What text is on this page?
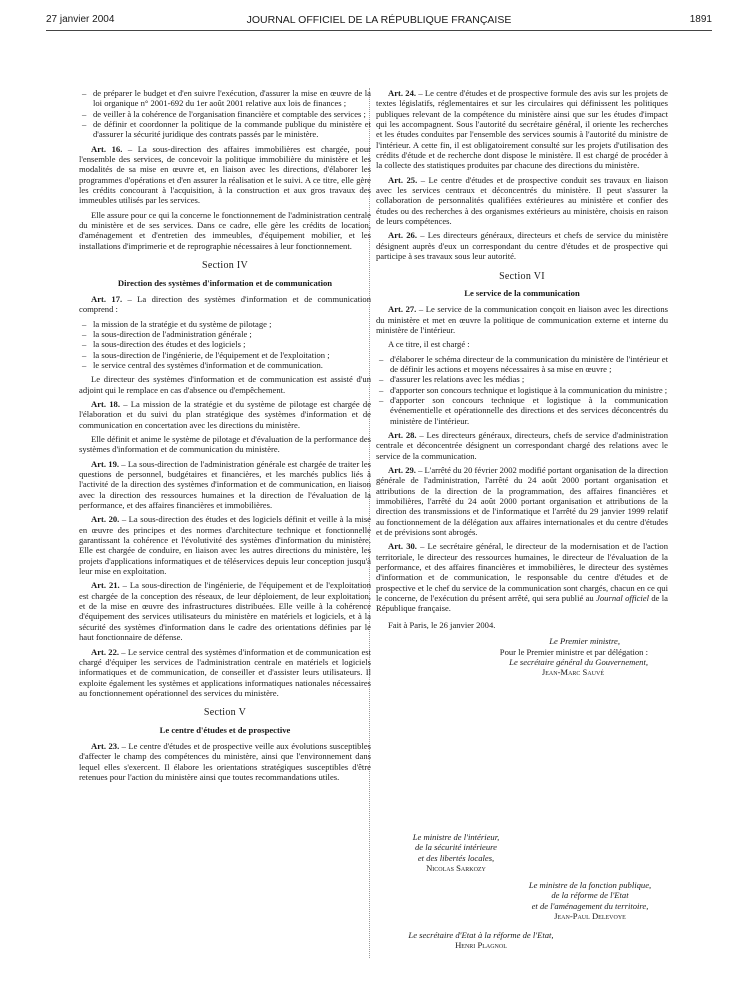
27 janvier 2004	JOURNAL OFFICIEL DE LA RÉPUBLIQUE FRANÇAISE	1891
– de préparer le budget et d'en suivre l'exécution, d'assurer la mise en œuvre de la loi organique n° 2001-692 du 1er août 2001 relative aux lois de finances ;
– de veiller à la cohérence de l'organisation financière et comptable des services ;
– de définir et coordonner la politique de la commande publique du ministère et d'assurer la sécurité juridique des contrats passés par le ministère.

Art. 16. – La sous-direction des affaires immobilières est chargée, pour l'ensemble des services, de concevoir la politique immobilière du ministère et les modalités de sa mise en œuvre et, en liaison avec les directions, d'élaborer les programmes d'opérations et d'en assurer la réalisation et le suivi. A ce titre, elle gère les crédits concourant à l'acquisition, à la construction et aux gros travaux des immeubles utilisés par les services.

Elle assure pour ce qui la concerne le fonctionnement de l'administration centrale du ministère et de ses services. Dans ce cadre, elle gère les crédits de location, d'aménagement et d'entretien des immeubles, d'équipement mobilier, et les installations d'imprimerie et de reprographie nécessaires à leur fonctionnement.

Section IV
Direction des systèmes d'information et de communication

Art. 17. – La direction des systèmes d'information et de communication comprend :

– la mission de la stratégie et du système de pilotage ;
– la sous-direction de l'administration générale ;
– la sous-direction des études et des logiciels ;
– la sous-direction de l'ingénierie, de l'équipement et de l'exploitation ;
– le service central des systèmes d'information et de communication.

Le directeur des systèmes d'information et de communication est assisté d'un adjoint qui le remplace en cas d'absence ou d'empêchement.

Art. 18. – La mission de la stratégie et du système de pilotage est chargée de l'élaboration et du suivi du plan stratégique des systèmes d'information et de communication en concertation avec les directions du ministère.

Elle définit et anime le système de pilotage et d'évaluation de la performance des systèmes d'information et de communication du ministère.

Art. 19. – La sous-direction de l'administration générale est chargée de traiter les questions de personnel, budgétaires et financières, et les marchés publics liés à l'activité de la direction des systèmes d'information et de communication, en liaison avec la direction des ressources humaines et la direction de l'évaluation de la performance, et des affaires financières et immobilières.

Art. 20. – La sous-direction des études et des logiciels définit et veille à la mise en œuvre des principes et des normes d'architecture technique et fonctionnelle garantissant la cohérence et l'évolutivité des systèmes d'information du ministère. Elle est chargée de conduire, en liaison avec les autres directions du ministère, les projets d'applications informatiques et de téléservices depuis leur conception jusqu'à leur mise en exploitation.

Art. 21. – La sous-direction de l'ingénierie, de l'équipement et de l'exploitation est chargée de la conception des réseaux, de leur déploiement, de leur exploitation, et de la mise en œuvre des infrastructures distribuées. Elle veille à la cohérence d'équipement des services utilisateurs du ministère en matériels et logiciels, et à la sécurité des systèmes d'information dans le cadre des orientations définies par le haut fonctionnaire de défense.

Art. 22. – Le service central des systèmes d'information et de communication est chargé d'équiper les services de l'administration centrale en matériels et logiciels informatiques et de communication, de conseiller et d'assister leurs utilisateurs. Il exploite également les systèmes et applications informatiques nationales nécessaires au fonctionnement opérationnel des services du ministère.

Section V
Le centre d'études et de prospective

Art. 23. – Le centre d'études et de prospective veille aux évolutions susceptibles d'affecter le champ des compétences du ministère, ainsi que l'environnement dans lequel elles s'exercent. Il élabore les orientations stratégiques susceptibles d'être retenues pour l'action du ministère ainsi que toutes recommandations utiles.

Art. 24. – Le centre d'études et de prospective formule des avis sur les projets de textes législatifs, réglementaires et sur les circulaires qui définissent les politiques publiques relevant de la compétence du ministère ainsi que sur les études d'impact qui les accompagnent. Sous l'autorité du secrétaire général, il oriente les recherches et les études conduites par l'ensemble des services soumis à l'autorité du ministre de l'intérieur. A cette fin, il est obligatoirement consulté sur les projets d'utilisation des crédits d'étude et de recherche dont dispose le ministère. Il est chargé de procéder à la collecte des statistiques produites par chacune des directions du ministère.

Art. 25. – Le centre d'études et de prospective conduit ses travaux en liaison avec les services centraux et déconcentrés du ministère. Il peut s'assurer la collaboration de personnalités qualifiées extérieures au ministère et confier des études ou des recherches à des organismes extérieurs au ministère, choisis en raison de leurs compétences.

Art. 26. – Les directeurs généraux, directeurs et chefs de service du ministère désignent auprès d'eux un correspondant du centre d'études et de prospective qui participe à ses travaux sous leur autorité.

Section VI
Le service de la communication

Art. 27. – Le service de la communication conçoit en liaison avec les directions du ministère et met en œuvre la politique de communication externe et interne du ministère de l'intérieur.

A ce titre, il est chargé :

– d'élaborer le schéma directeur de la communication du ministère de l'intérieur et de définir les actions et moyens nécessaires à sa mise en œuvre ;
– d'assurer les relations avec les médias ;
– d'apporter son concours technique et logistique à la communication du ministre ;
– d'apporter son concours technique et logistique à la communication événementielle et opérationnelle des directions et des services déconcentrés du ministère de l'intérieur.

Art. 28. – Les directeurs généraux, directeurs, chefs de service d'administration centrale et déconcentrée désignent un correspondant chargé des relations avec le service de la communication.

Art. 29. – L'arrêté du 20 février 2002 modifié portant organisation de la direction générale de l'administration, l'arrêté du 24 août 2000 portant organisation et attributions de la direction de la programmation, des affaires financières et immobilières, l'arrêté du 24 août 2000 portant organisation et attributions de la direction des transmissions et de l'informatique et l'arrêté du 29 janvier 1999 relatif au fonctionnement de la délégation aux affaires internationales et du centre d'études et de prévisions sont abrogés.

Art. 30. – Le secrétaire général, le directeur de la modernisation et de l'action territoriale, le directeur des ressources humaines, le directeur de l'évaluation de la performance, et des affaires financières et immobilières, le directeur des systèmes d'information et de communication, le responsable du centre d'études et de prospective et le chef du service de la communication sont chargés, chacun en ce qui le concerne, de l'exécution du présent arrêté, qui sera publié au Journal officiel de la République française.

Fait à Paris, le 26 janvier 2004.

Le Premier ministre,
Pour le Premier ministre et par délégation :
Le secrétaire général du Gouvernement,
Jean-Marc Sauvé
Le ministre de l'intérieur,
de la sécurité intérieure
et des libertés locales,
Nicolas Sarkozy
Le ministre de la fonction publique,
de la réforme de l'Etat
et de l'aménagement du territoire,
Jean-Paul Delevoye
Le secrétaire d'Etat à la réforme de l'Etat,
Henri Plagnol
